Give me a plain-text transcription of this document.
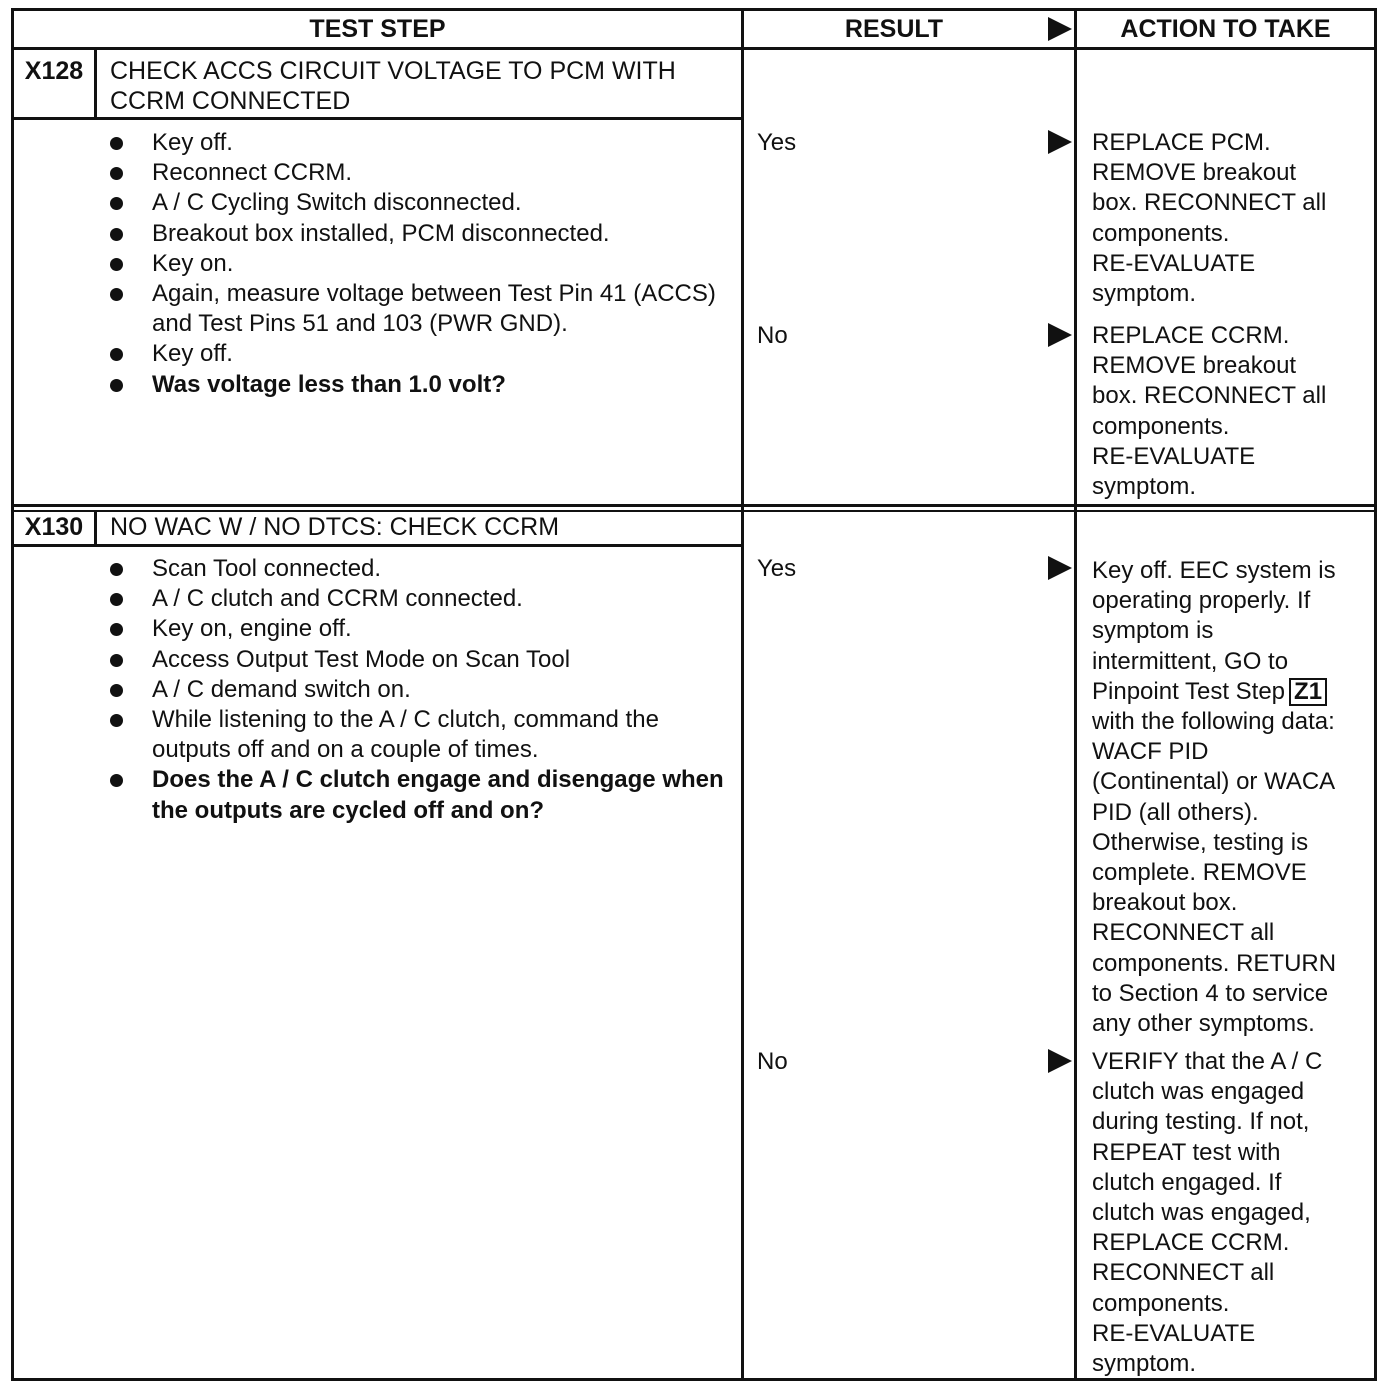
TEST STEP	RESULT	ACTION TO TAKE
X128	CHECK ACCS CIRCUIT VOLTAGE TO PCM WITH CCRM CONNECTED
Key off.
Reconnect CCRM.
A / C Cycling Switch disconnected.
Breakout box installed, PCM disconnected.
Key on.
Again, measure voltage between Test Pin 41 (ACCS) and Test Pins 51 and 103 (PWR GND).
Key off.
Was voltage less than 1.0 volt?
Yes	REPLACE PCM.
REMOVE breakout
box. RECONNECT all
components.
RE-EVALUATE
symptom.
No	REPLACE CCRM.
REMOVE breakout
box. RECONNECT all
components.
RE-EVALUATE
symptom.
X130	NO WAC W / NO DTCS: CHECK CCRM
Scan Tool connected.
A / C clutch and CCRM connected.
Key on, engine off.
Access Output Test Mode on Scan Tool
A / C demand switch on.
While listening to the A / C clutch, command the outputs off and on a couple of times.
Does the A / C clutch engage and disengage when the outputs are cycled off and on?
Yes	Key off. EEC system is
operating properly. If
symptom is
intermittent, GO to
Pinpoint Test Step Z1
with the following data:
WACF PID
(Continental) or WACA
PID (all others).
Otherwise, testing is
complete. REMOVE
breakout box.
RECONNECT all
components. RETURN
to Section 4 to service
any other symptoms.
No	VERIFY that the A / C
clutch was engaged
during testing. If not,
REPEAT test with
clutch engaged. If
clutch was engaged,
REPLACE CCRM.
RECONNECT all
components.
RE-EVALUATE
symptom.
